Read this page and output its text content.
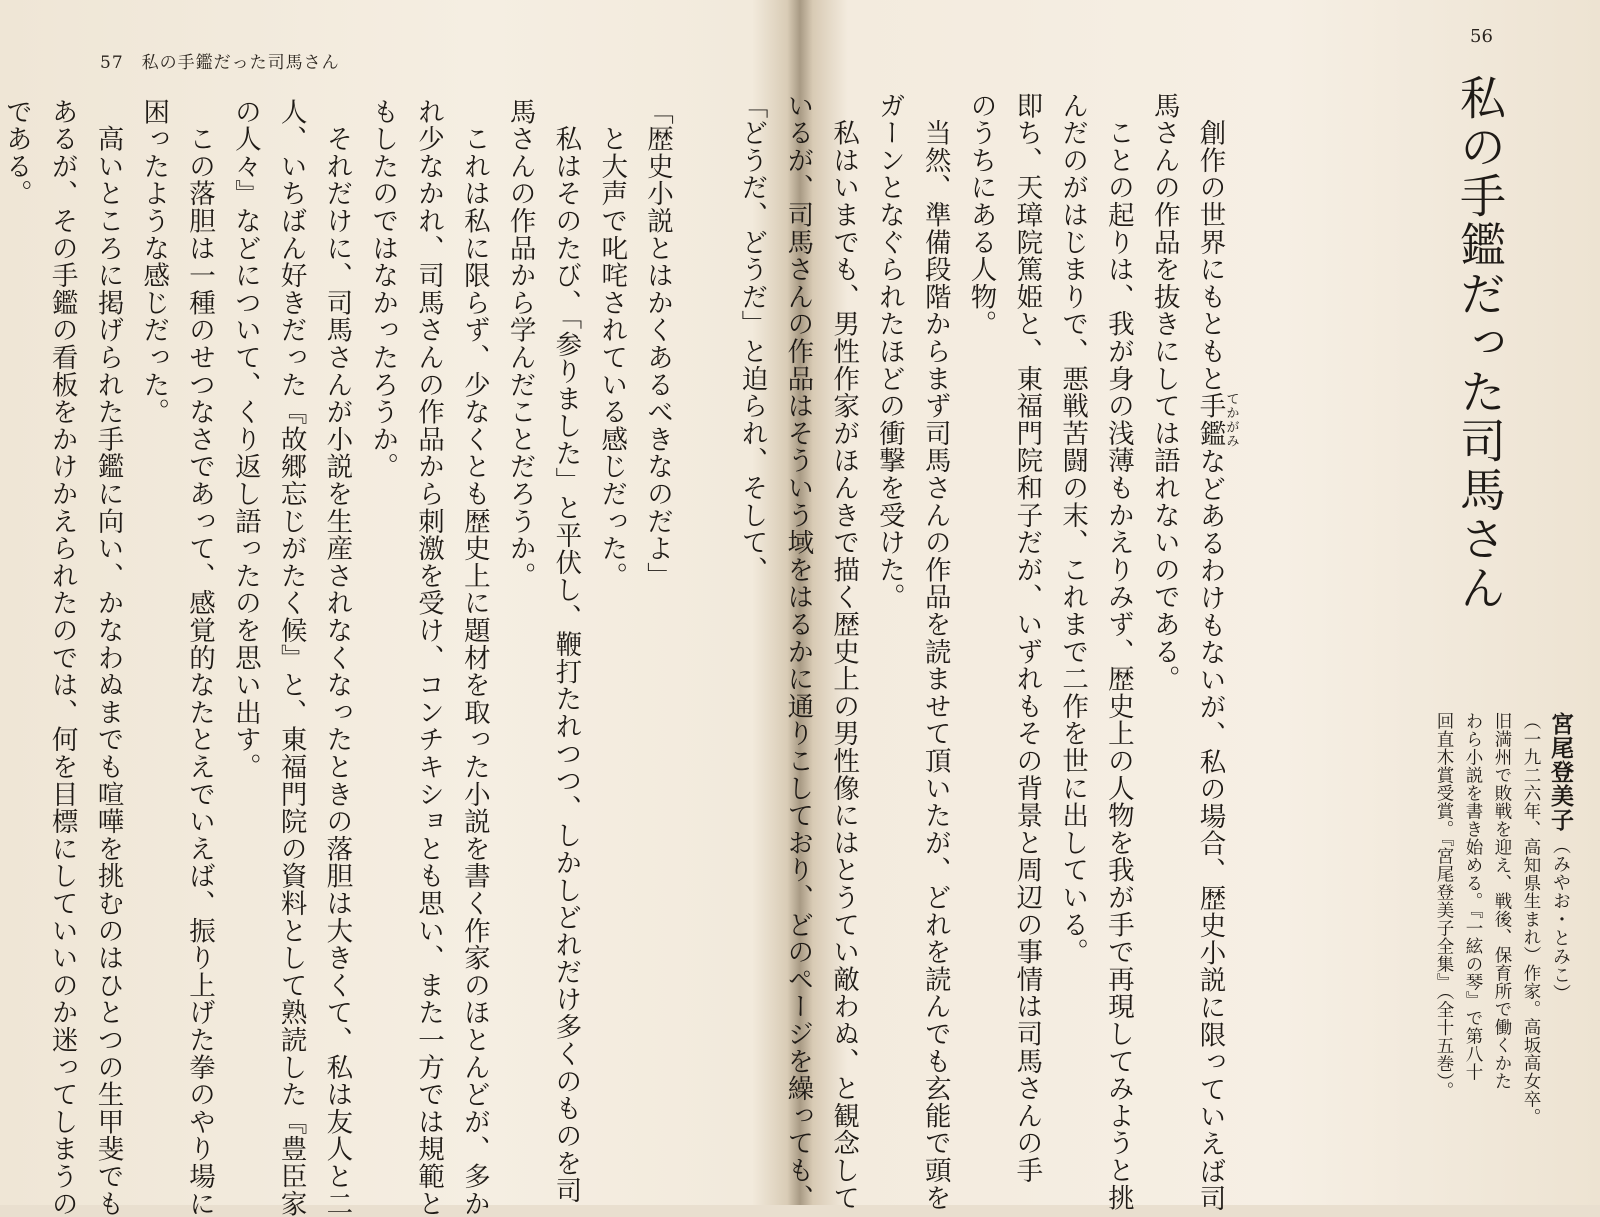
57 私の手鑑だった司馬さん

「歴史小説とはかくあるべきなのだよ」

　と大声で叱咤されている感じだった。

　私はそのたび、「参りました」と平伏し、鞭打たれつつ、しかしどれだけ多くのものを司

馬さんの作品から学んだことだろうか。

　これは私に限らず、少なくとも歴史上に題材を取った小説を書く作家のほとんどが、多か

れ少なかれ、司馬さんの作品から刺激を受け、コンチキショとも思い、また一方では規範と

もしたのではなかったろうか。

　それだけに、司馬さんが小説を生産されなくなったときの落胆は大きくて、私は友人と二

人、いちばん好きだった『故郷忘じがたく候』と、東福門院の資料として熟読した『豊臣家

の人々』などについて、くり返し語ったのを思い出す。

　この落胆は一種のせつなさであって、感覚的なたとえでいえば、振り上げた拳のやり場に

困ったような感じだった。

　高いところに掲げられた手鑑に向い、かなわぬまでも喧嘩を挑むのはひとつの生甲斐でも

あるが、その手鑑の看板をかけかえられたのでは、何を目標にしていいのか迷ってしまうの

である。

56
私の手鑑だった司馬さん

　創作の世界にもともと手鑑てかがみなどあるわけもないが、私の場合、歴史小説に限っていえば司

馬さんの作品を抜きにしては語れないのである。

　ことの起りは、我が身の浅薄もかえりみず、歴史上の人物を我が手で再現してみようと挑

んだのがはじまりで、悪戦苦闘の末、これまで二作を世に出している。

即ち、天璋院篤姫と、東福門院和子だが、いずれもその背景と周辺の事情は司馬さんの手

のうちにある人物。

　当然、準備段階からまず司馬さんの作品を読ませて頂いたが、どれを読んでも玄能で頭を

ガーンとなぐられたほどの衝撃を受けた。

　私はいまでも、男性作家がほんきで描く歴史上の男性像にはとうてい敵わぬ、と観念して

いるが、司馬さんの作品はそういう域をはるかに通りこしており、どのページを繰っても、

「どうだ、どうだ」と迫られ、そして、

宮尾登美子（みやお・とみこ）

（一九二六年、高知県生まれ）作家。高坂高女卒。

旧満州で敗戦を迎え、戦後、保育所で働くかた

わら小説を書き始める。『一絃の琴』で第八十

回直木賞受賞。『宮尾登美子全集』（全十五巻）。
